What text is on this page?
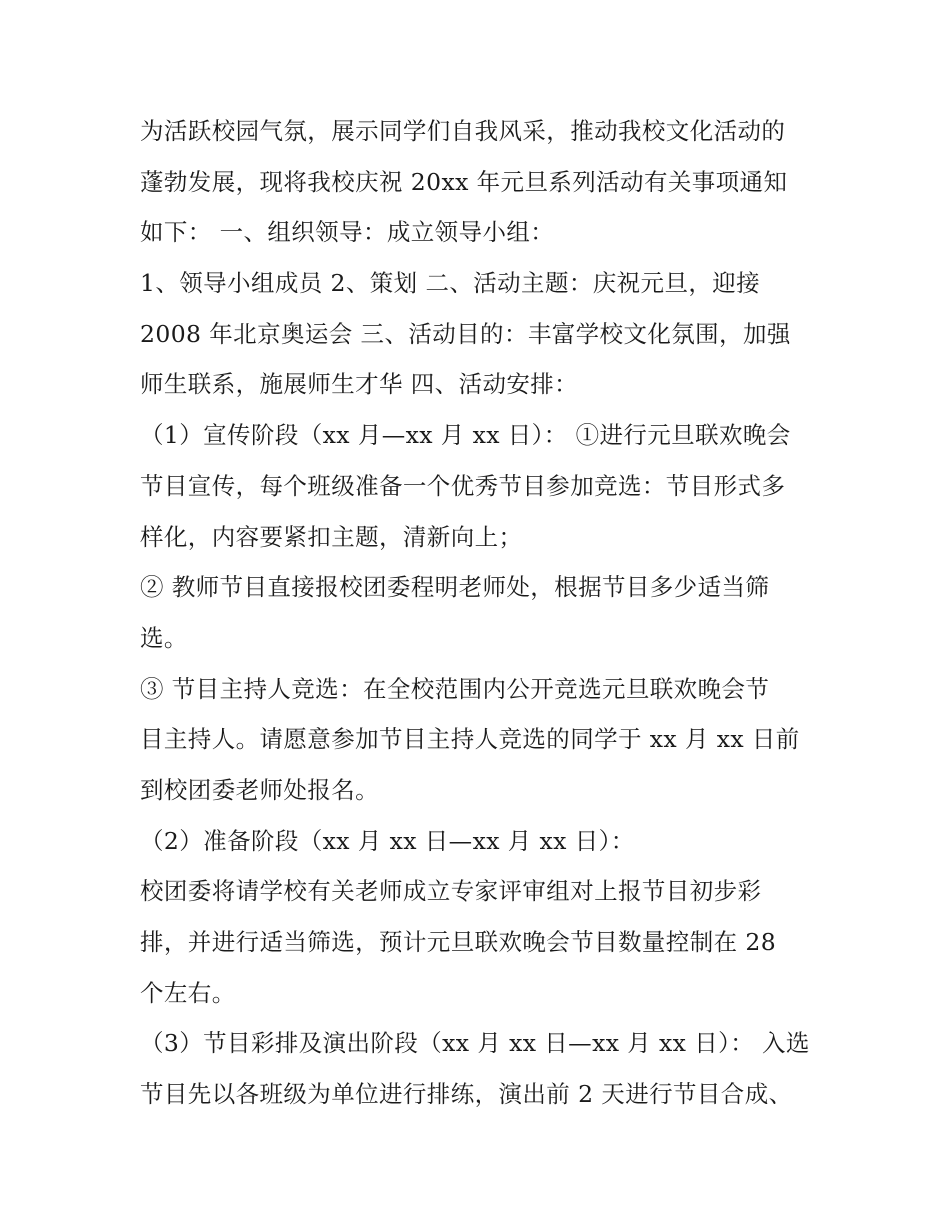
为活跃校园气氛，展示同学们自我风采，推动我校文化活动的
蓬勃发展，现将我校庆祝 20xx 年元旦系列活动有关事项通知
如下： 一、组织领导：成立领导小组：
1、领导小组成员 2、策划 二、活动主题：庆祝元旦，迎接
2008 年北京奥运会 三、活动目的：丰富学校文化氛围，加强
师生联系，施展师生才华 四、活动安排：
（1）宣传阶段（xx 月—xx 月 xx 日）： ①进行元旦联欢晚会
节目宣传，每个班级准备一个优秀节目参加竞选：节目形式多
样化，内容要紧扣主题，清新向上；
② 教师节目直接报校团委程明老师处，根据节目多少适当筛
选。
③ 节目主持人竞选：在全校范围内公开竞选元旦联欢晚会节
目主持人。请愿意参加节目主持人竞选的同学于 xx 月 xx 日前
到校团委老师处报名。
（2）准备阶段（xx 月 xx 日—xx 月 xx 日）：
校团委将请学校有关老师成立专家评审组对上报节目初步彩
排，并进行适当筛选，预计元旦联欢晚会节目数量控制在 28
个左右。
（3）节目彩排及演出阶段（xx 月 xx 日—xx 月 xx 日）： 入选
节目先以各班级为单位进行排练，演出前 2 天进行节目合成、
